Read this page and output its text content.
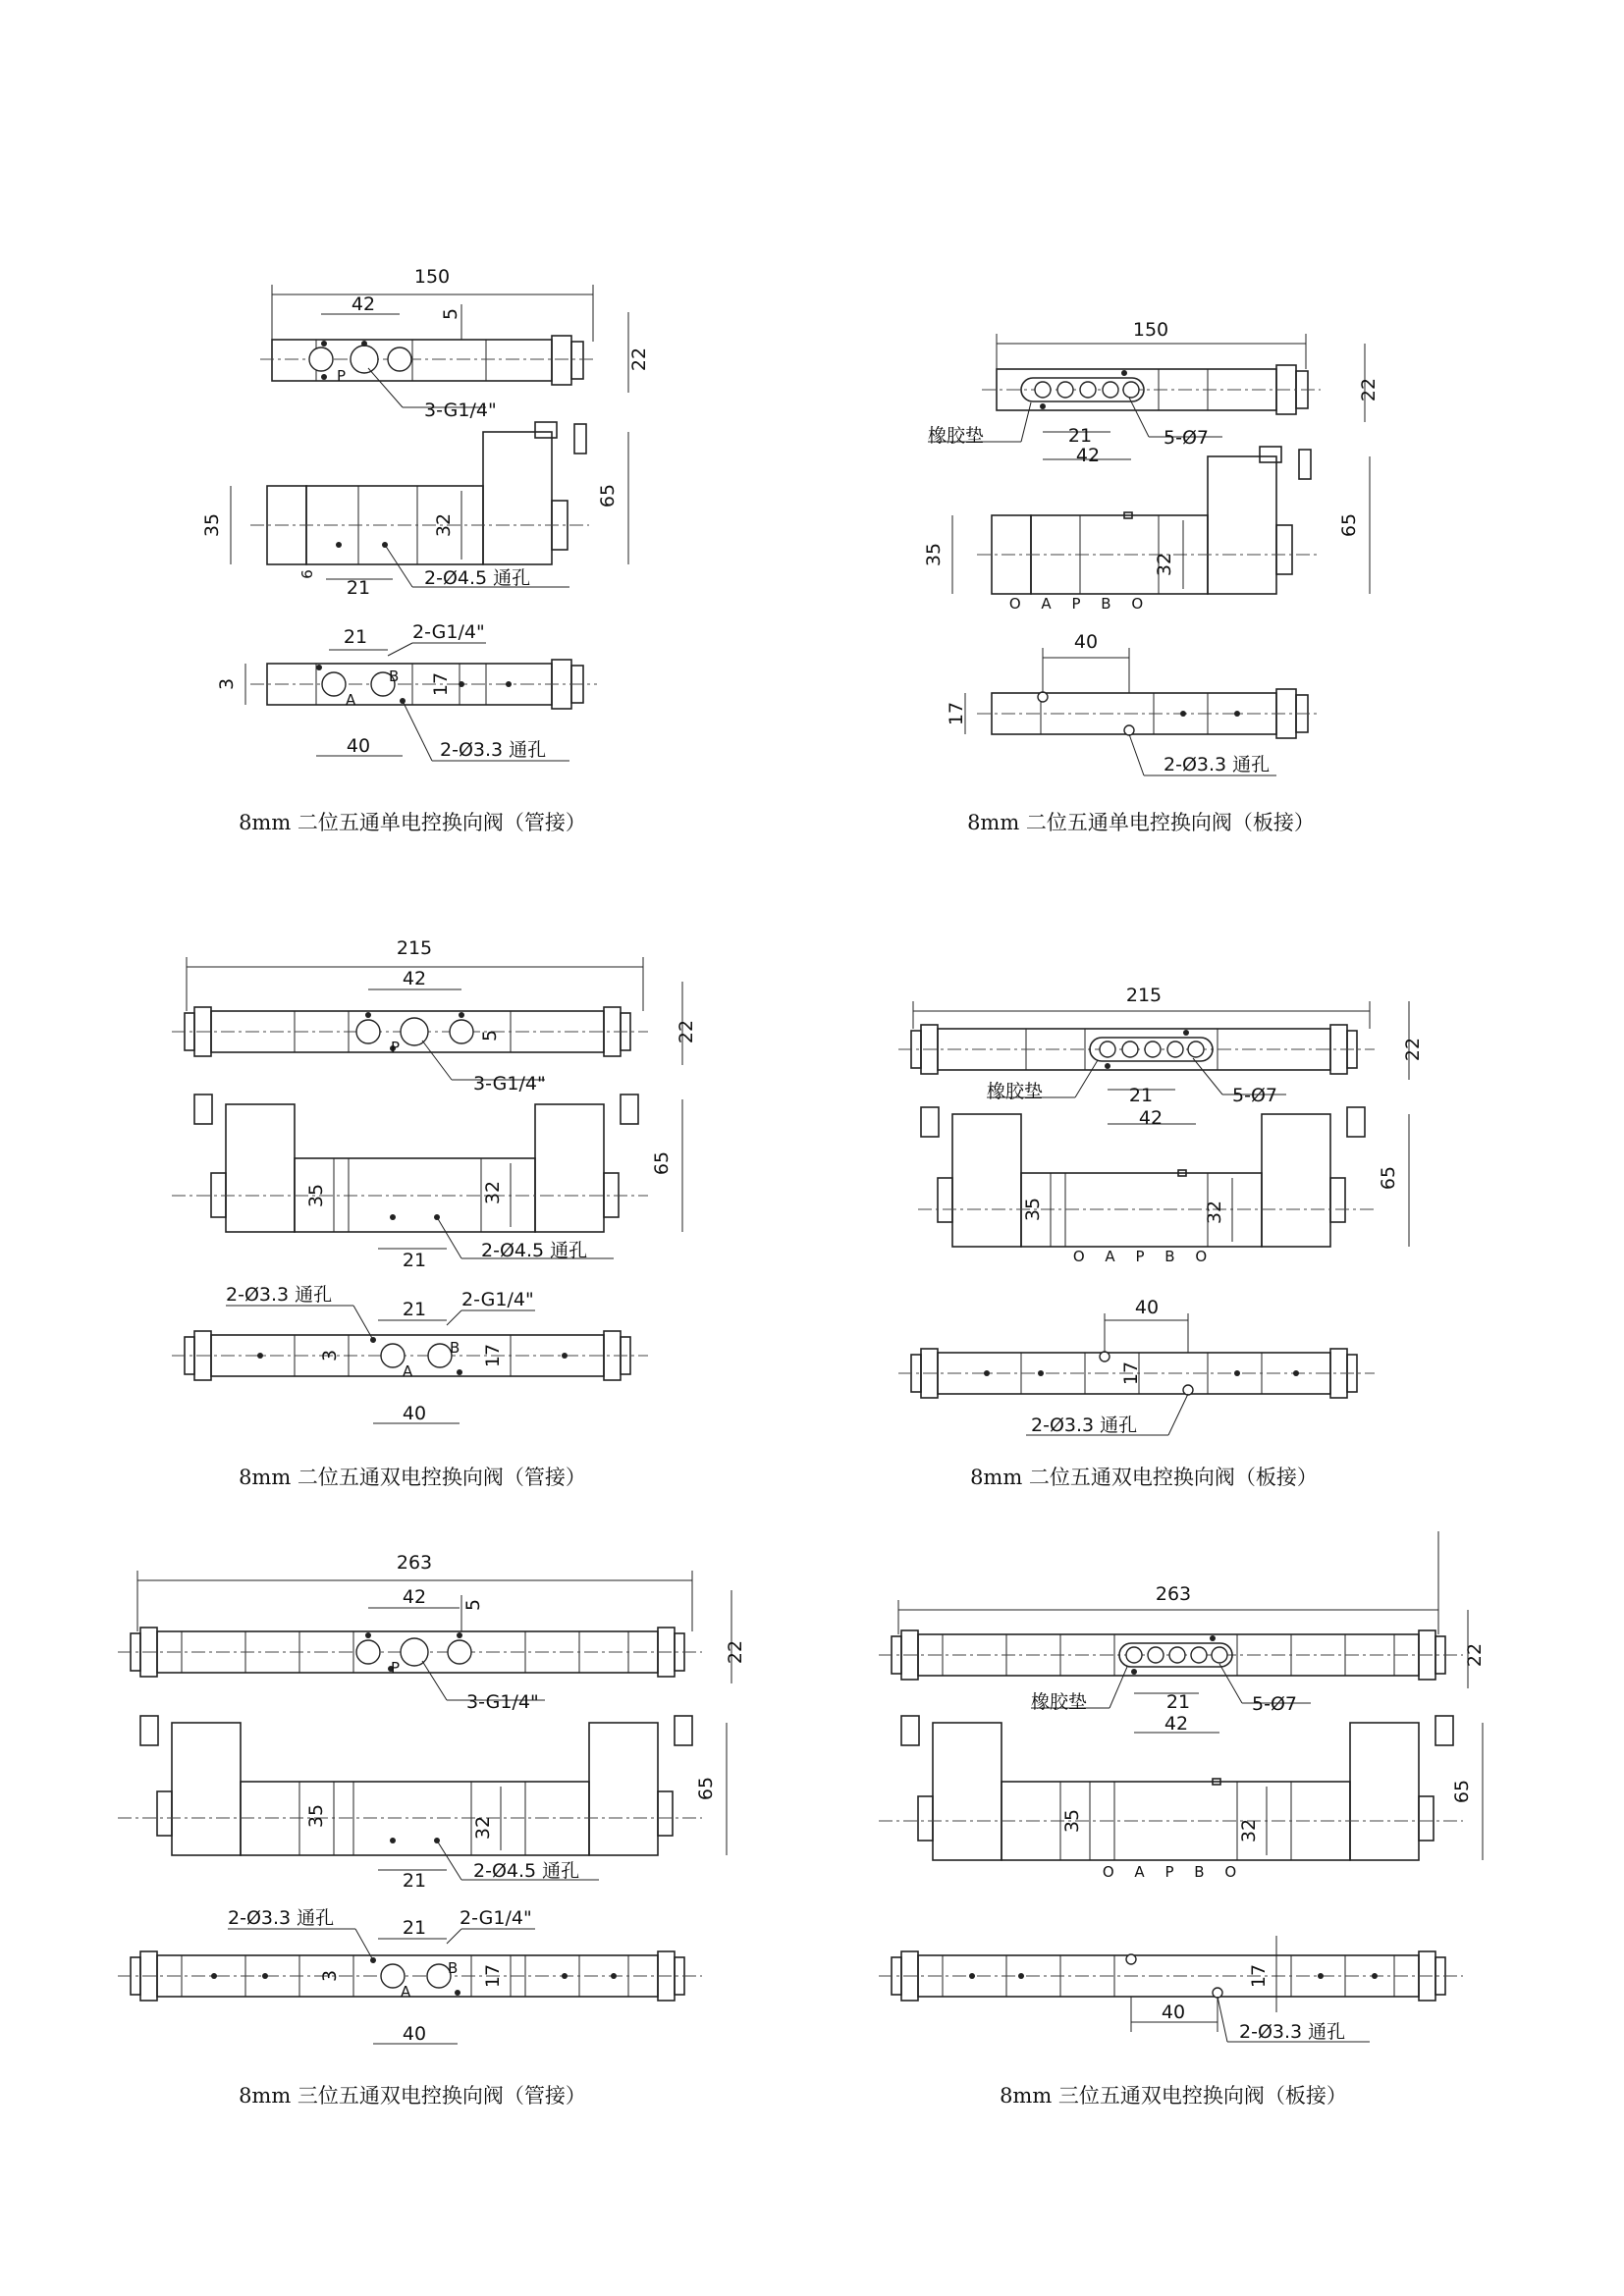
150
42	5
22
P
3-G1/4"
35	32
65
21
6	2-Ø4.5 通孔
A
B
21 2-G1/4"
3	17
40	2-Ø3.3 通孔
8mm 二位五通单电控换向阀（管接）
150
22
21
42
橡胶垫	5-Ø7
35	32
65
O A P B O
40
17
2-Ø3.3 通孔
8mm 二位五通单电控换向阀（板接）
215
42
5	22
P
3-G1/4"
65
35	32
21	2-Ø4.5 通孔
A
B
21 2-G1/4"
2-Ø3.3 通孔
3	17
40
8mm 二位五通双电控换向阀（管接）
215
22
21
42
橡胶垫	5-Ø7
65
35	32
O A P B O
40
17
2-Ø3.3 通孔
8mm 二位五通双电控换向阀（板接）
263
42 5
22
P
3-G1/4"
65
35	32
21	2-Ø4.5 通孔
A
B
21 2-G1/4"
2-Ø3.3 通孔
3	17
40
8mm 三位五通双电控换向阀（管接）
263
22
21
42
橡胶垫	5-Ø7
65
35	32
O A P B O
40
17
2-Ø3.3 通孔
8mm 三位五通双电控换向阀（板接）
